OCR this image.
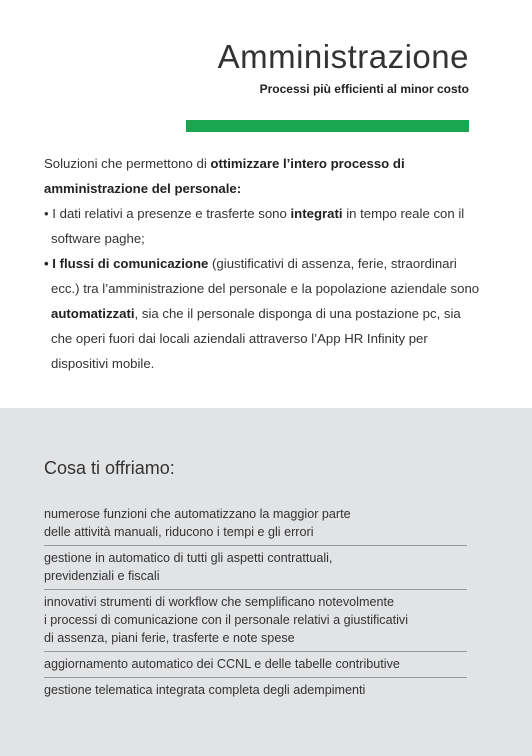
Amministrazione
Processi più efficienti al minor costo

Soluzioni che permettono di ottimizzare l’intero processo di amministrazione del personale:

• I dati relativi a presenze e trasferte sono integrati in tempo reale con il software paghe;

• I flussi di comunicazione (giustificativi di assenza, ferie, straordinari ecc.) tra l’amministrazione del personale e la popolazione aziendale sono automatizzati, sia che il personale disponga di una postazione pc, sia che operi fuori dai locali aziendali attraverso l’App HR Infinity per dispositivi mobile.

Cosa ti offriamo:
numerose funzioni che automatizzano la maggior parte
delle attività manuali, riducono i tempi e gli errori
gestione in automatico di tutti gli aspetti contrattuali,
previdenziali e fiscali
innovativi strumenti di workflow che semplificano notevolmente
i processi di comunicazione con il personale relativi a giustificativi
di assenza, piani ferie, trasferte e note spese
aggiornamento automatico dei CCNL e delle tabelle contributive
gestione telematica integrata completa degli adempimenti
